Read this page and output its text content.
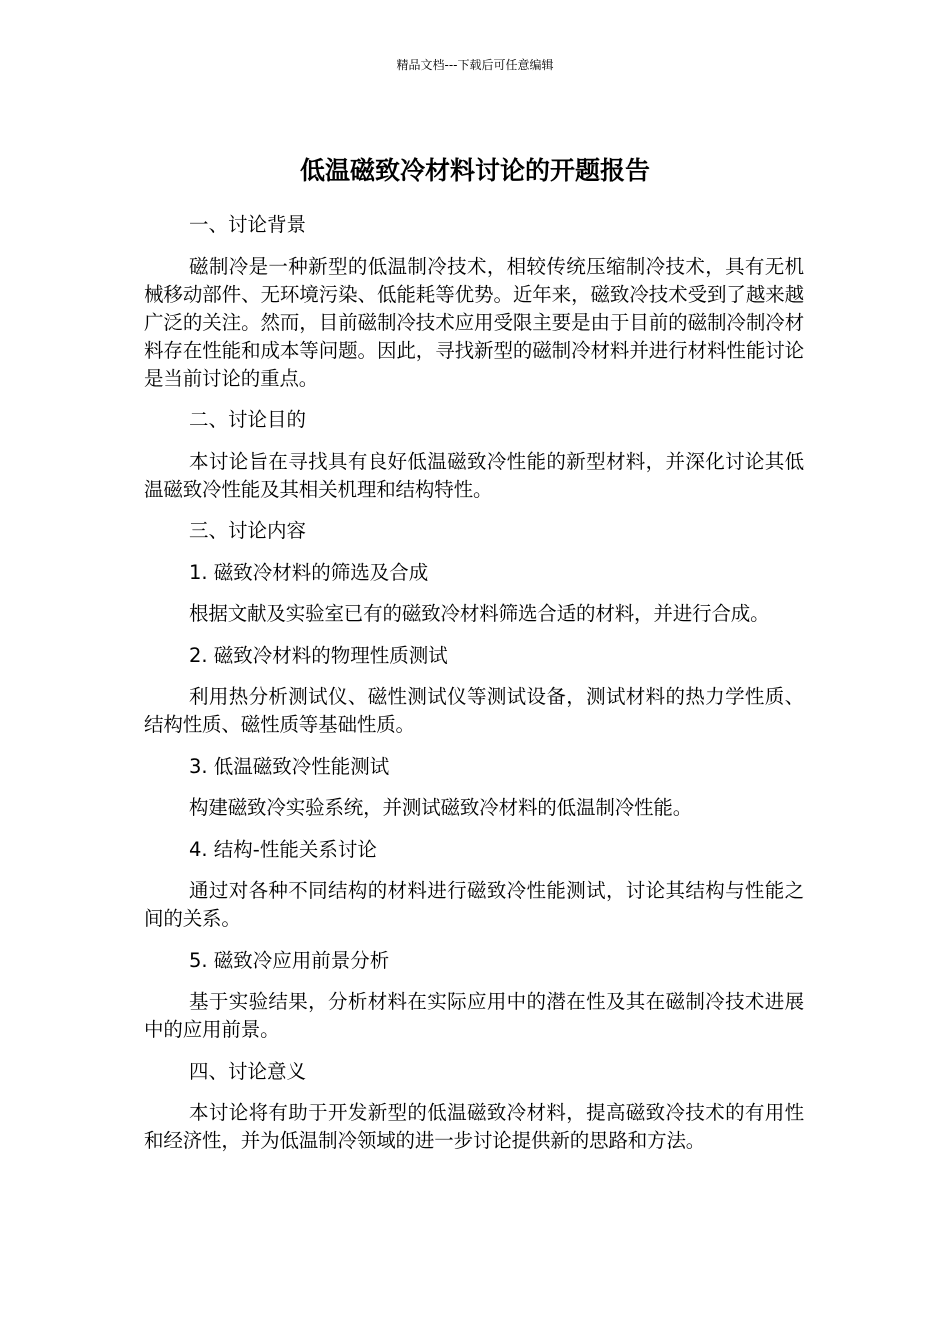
精品文档---下载后可任意编辑
低温磁致冷材料讨论的开题报告
一、讨论背景

磁制冷是一种新型的低温制冷技术，相较传统压缩制冷技术，具有无机械移动部件、无环境污染、低能耗等优势。近年来，磁致冷技术受到了越来越广泛的关注。然而，目前磁制冷技术应用受限主要是由于目前的磁制冷制冷材料存在性能和成本等问题。因此，寻找新型的磁制冷材料并进行材料性能讨论是当前讨论的重点。

二、讨论目的

本讨论旨在寻找具有良好低温磁致冷性能的新型材料，并深化讨论其低温磁致冷性能及其相关机理和结构特性。

三、讨论内容
1. 磁致冷材料的筛选及合成

根据文献及实验室已有的磁致冷材料筛选合适的材料，并进行合成。

2. 磁致冷材料的物理性质测试

利用热分析测试仪、磁性测试仪等测试设备，测试材料的热力学性质、结构性质、磁性质等基础性质。

3. 低温磁致冷性能测试

构建磁致冷实验系统，并测试磁致冷材料的低温制冷性能。

4. 结构-性能关系讨论

通过对各种不同结构的材料进行磁致冷性能测试，讨论其结构与性能之间的关系。

5. 磁致冷应用前景分析

基于实验结果，分析材料在实际应用中的潜在性及其在磁制冷技术进展中的应用前景。

四、讨论意义

本讨论将有助于开发新型的低温磁致冷材料，提高磁致冷技术的有用性和经济性，并为低温制冷领域的进一步讨论提供新的思路和方法。
